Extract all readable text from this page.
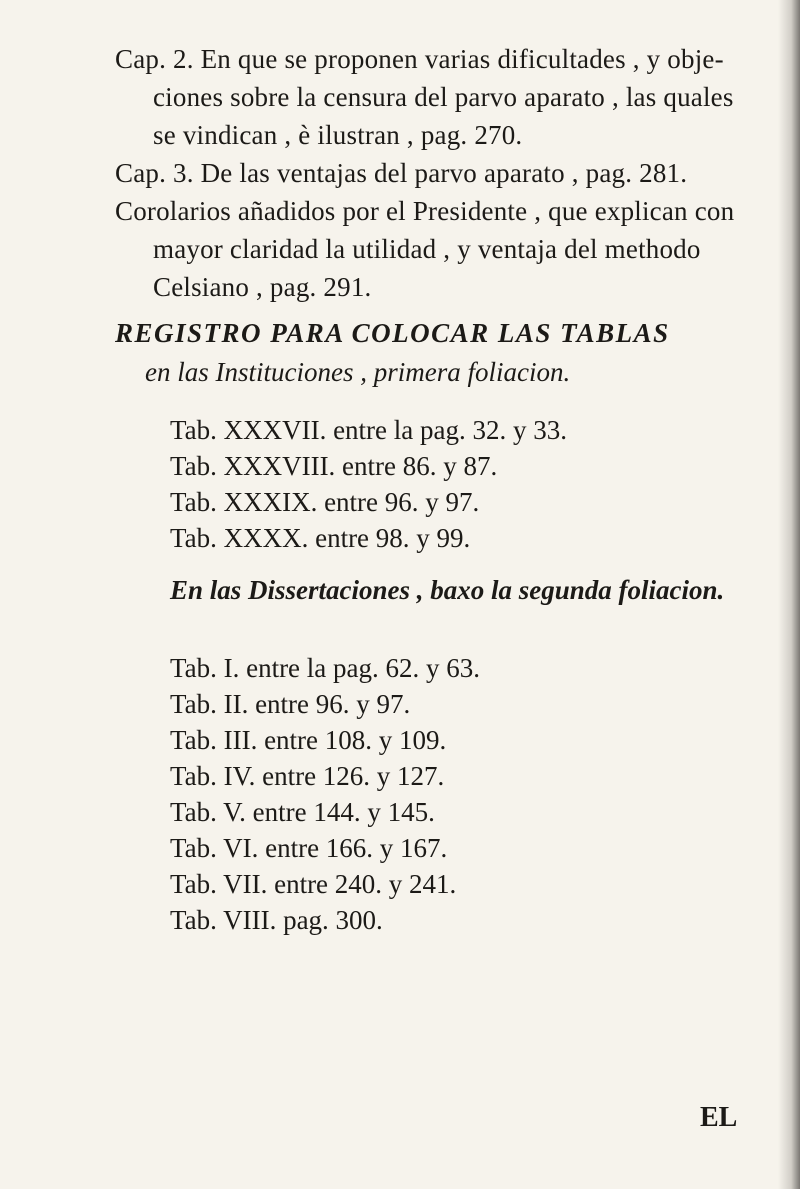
Cap. 2. En que se proponen varias dificultades , y obje-
ciones sobre la censura del parvo aparato , las quales
se vindican , è ilustran , pag. 270.
Cap. 3. De las ventajas del parvo aparato , pag. 281.
Corolarios añadidos por el Presidente , que explican con
mayor claridad la utilidad , y ventaja del methodo
Celsiano , pag. 291.
REGISTRO PARA COLOCAR LAS TABLAS
en las Instituciones , primera foliacion.
Tab. XXXVII. entre la pag. 32. y 33.
Tab. XXXVIII. entre 86. y 87.
Tab. XXXIX. entre 96. y 97.
Tab. XXXX. entre 98. y 99.
En las Dissertaciones , baxo la segunda foliacion.
Tab. I. entre la pag. 62. y 63.
Tab. II. entre 96. y 97.
Tab. III. entre 108. y 109.
Tab. IV. entre 126. y 127.
Tab. V. entre 144. y 145.
Tab. VI. entre 166. y 167.
Tab. VII. entre 240. y 241.
Tab. VIII. pag. 300.
EL
